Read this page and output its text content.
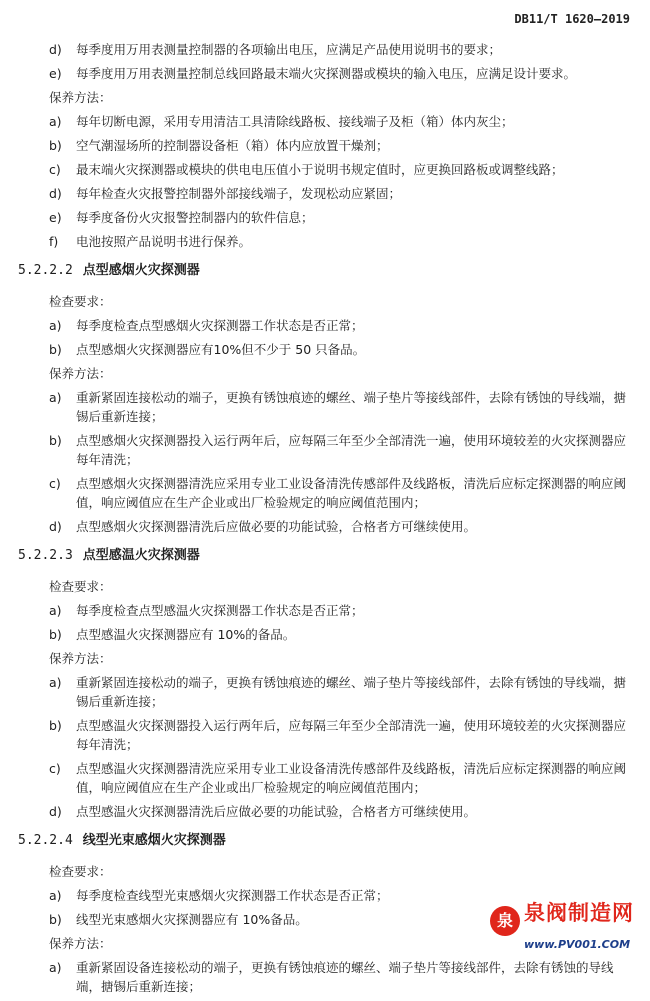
DB11/T 1620—2019
d) 每季度用万用表测量控制器的各项输出电压，应满足产品使用说明书的要求；
e) 每季度用万用表测量控制总线回路最末端火灾探测器或模块的输入电压，应满足设计要求。
保养方法：
a) 每年切断电源，采用专用清洁工具清除线路板、接线端子及柜（箱）体内灰尘；
b) 空气潮湿场所的控制器设备柜（箱）体内应放置干燥剂；
c) 最末端火灾探测器或模块的供电电压值小于说明书规定值时，应更换回路板或调整线路；
d) 每年检查火灾报警控制器外部接线端子，发现松动应紧固；
e) 每季度备份火灾报警控制器内的软件信息；
f) 电池按照产品说明书进行保养。
5.2.2.2 点型感烟火灾探测器
检查要求：
a) 每季度检查点型感烟火灾探测器工作状态是否正常；
b) 点型感烟火灾探测器应有10%但不少于 50 只备品。
保养方法：
a) 重新紧固连接松动的端子，更换有锈蚀痕迹的螺丝、端子垫片等接线部件，去除有锈蚀的导线端，搪锡后重新连接；
b) 点型感烟火灾探测器投入运行两年后，应每隔三年至少全部清洗一遍，使用环境较差的火灾探测器应每年清洗；
c) 点型感烟火灾探测器清洗应采用专业工业设备清洗传感部件及线路板，清洗后应标定探测器的响应阈值，响应阈值应在生产企业或出厂检验规定的响应阈值范围内；
d) 点型感烟火灾探测器清洗后应做必要的功能试验，合格者方可继续使用。
5.2.2.3 点型感温火灾探测器
检查要求：
a) 每季度检查点型感温火灾探测器工作状态是否正常；
b) 点型感温火灾探测器应有 10%的备品。
保养方法：
a) 重新紧固连接松动的端子，更换有锈蚀痕迹的螺丝、端子垫片等接线部件，去除有锈蚀的导线端，搪锡后重新连接；
b) 点型感温火灾探测器投入运行两年后，应每隔三年至少全部清洗一遍，使用环境较差的火灾探测器应每年清洗；
c) 点型感温火灾探测器清洗应采用专业工业设备清洗传感部件及线路板，清洗后应标定探测器的响应阈值，响应阈值应在生产企业或出厂检验规定的响应阈值范围内；
d) 点型感温火灾探测器清洗后应做必要的功能试验，合格者方可继续使用。
5.2.2.4 线型光束感烟火灾探测器
检查要求：
a) 每季度检查线型光束感烟火灾探测器工作状态是否正常；
b) 线型光束感烟火灾探测器应有 10%备品。
保养方法：
a) 重新紧固设备连接松动的端子，更换有锈蚀痕迹的螺丝、端子垫片等接线部件，去除有锈蚀的导线端，搪锡后重新连接；
泉 泉阀制造网
www.PV001.COM
